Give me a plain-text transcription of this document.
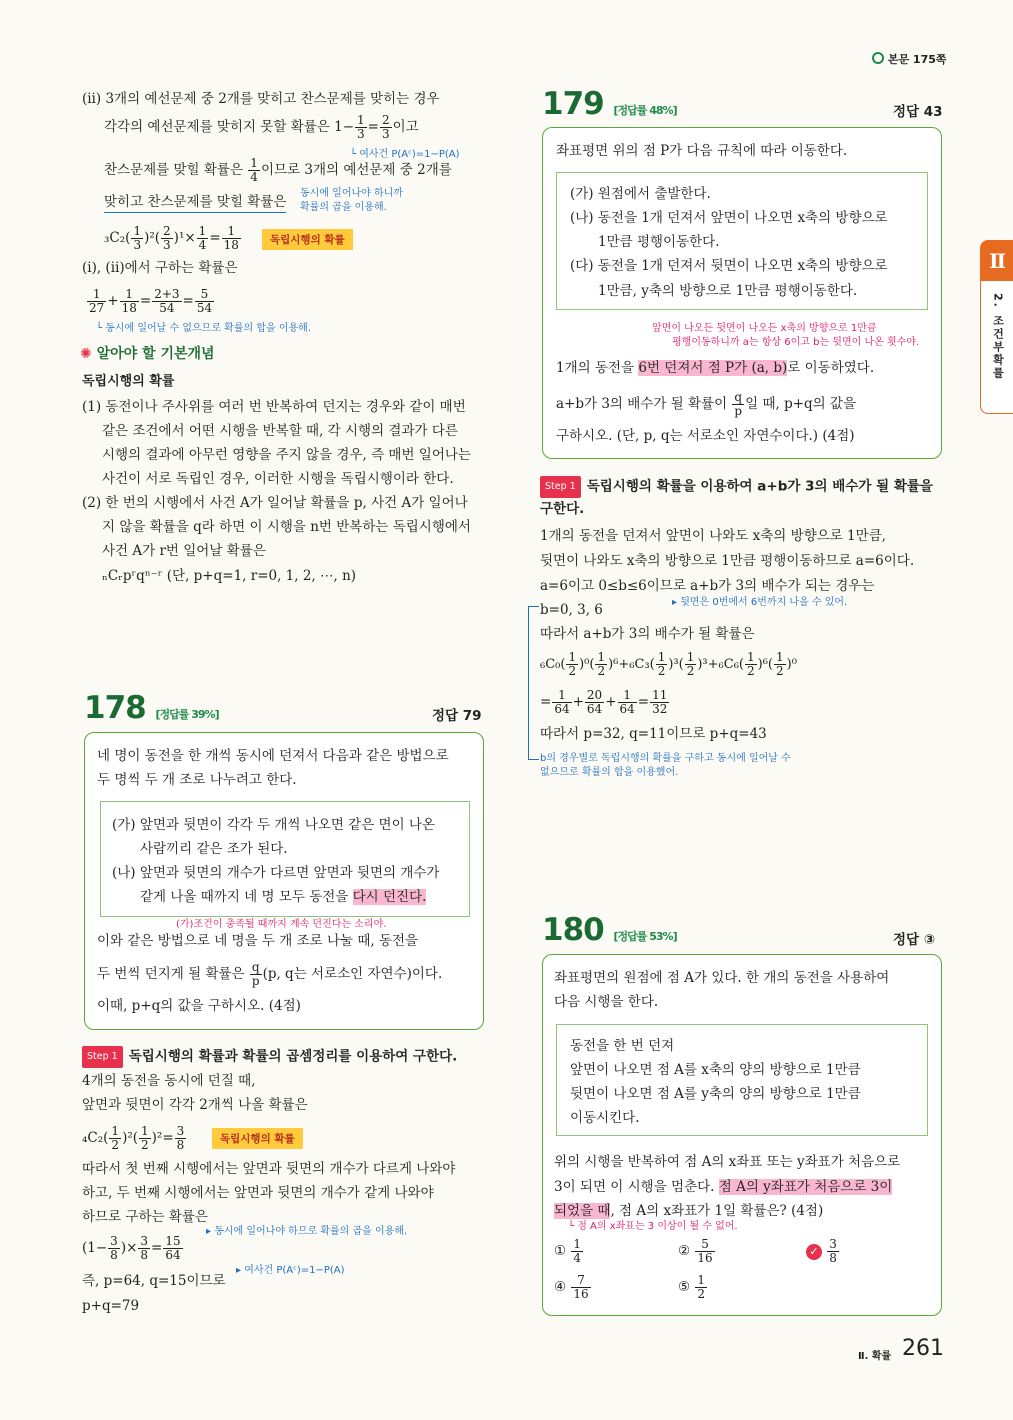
본문 175쪽
Ⅱ
2. 조건부확률
(ⅱ) 3개의 예선문제 중 2개를 맞히고 찬스문제를 맞히는 경우
각각의 예선문제를 맞히지 못할 확률은 $1- \frac{1}{3} = \frac{2}{3}$ 이고
└ 여사건 P(Aᶜ)=1−P(A)
찬스문제를 맞힐 확률은 $\frac{1}{4}$ 이므로 3개의 예선문제 중 2개를
맞히고 찬스문제를 맞힐 확률은
동시에 일어나야 하니까
확률의 곱을 이용해.
$_3C_2( \frac{1}{3} )^2( \frac{2}{3} )^1\times \frac{1}{4} = \frac{1}{18}$	독립시행의 확률
(ⅰ), (ⅱ)에서 구하는 확률은
$\frac{1}{27} + \frac{1}{18} = \frac{2+3}{54} = \frac{5}{54}$
└ 동시에 일어날 수 없으므로 확률의 합을 이용해.
✺ 알아야 할 기본개념
독립시행의 확률
(1) 동전이나 주사위를 여러 번 반복하여 던지는 경우와 같이 매번
같은 조건에서 어떤 시행을 반복할 때, 각 시행의 결과가 다른
시행의 결과에 아무런 영향을 주지 않을 경우, 즉 매번 일어나는
사건이 서로 독립인 경우, 이러한 시행을 독립시행이라 한다.
(2) 한 번의 시행에서 사건 A가 일어날 확률을 p, 사건 A가 일어나
지 않을 확률을 q라 하면 이 시행을 n번 반복하는 독립시행에서
사건 A가 r번 일어날 확률은
ₙCᵣpʳqⁿ⁻ʳ (단, p+q=1, r=0, 1, 2, ⋯, n)
178 [정답률 39%]	정답 79
네 명이 동전을 한 개씩 동시에 던져서 다음과 같은 방법으로
두 명씩 두 개 조로 나누려고 한다.
(가) 앞면과 뒷면이 각각 두 개씩 나오면 같은 면이 나온
사람끼리 같은 조가 된다.
(나) 앞면과 뒷면의 개수가 다르면 앞면과 뒷면의 개수가
같게 나올 때까지 네 명 모두 동전을 다시 던진다.
(가)조건이 충족될 때까지 계속 던진다는 소리야.
이와 같은 방법으로 네 명을 두 개 조로 나눌 때, 동전을
두 번씩 던지게 될 확률은 $\frac{q}{p} (p$, q는 서로소인 자연수)이다.
이때, p+q의 값을 구하시오. (4점)
Step 1 독립시행의 확률과 확률의 곱셈정리를 이용하여 구한다.
4개의 동전을 동시에 던질 때,
앞면과 뒷면이 각각 2개씩 나올 확률은
$_4C_2( \frac{1}{2} )^2( \frac{1}{2} )^2= \frac{3}{8}$	독립시행의 확률
따라서 첫 번째 시행에서는 앞면과 뒷면의 개수가 다르게 나와야
하고, 두 번째 시행에서는 앞면과 뒷면의 개수가 같게 나와야
하므로 구하는 확률은
▸ 동시에 일어나야 하므로 확률의 곱을 이용해.
($1- \frac{3}{8}$ )× $\frac{3}{8} = \frac{15}{64}$
▸ 여사건 P(Aᶜ)=1−P(A)
즉, p=64, q=15이므로
p+q=79
179 [정답률 48%]	정답 43
좌표평면 위의 점 P가 다음 규칙에 따라 이동한다.
(가) 원점에서 출발한다.
(나) 동전을 1개 던져서 앞면이 나오면 x축의 방향으로
1만큼 평행이동한다.
(다) 동전을 1개 던져서 뒷면이 나오면 x축의 방향으로
1만큼, y축의 방향으로 1만큼 평행이동한다.
앞면이 나오든 뒷면이 나오든 x축의 방향으로 1만큼
평행이동하니까 a는 항상 6이고 b는 뒷면이 나온 횟수야.
1개의 동전을 6번 던져서 점 P가 (a, b)로 이동하였다.
a+b가 3의 배수가 될 확률이 $\frac{q}{p}$ 일 때, p+q의 값을
구하시오. (단, p, q는 서로소인 자연수이다.) (4점)
Step 1 독립시행의 확률을 이용하여 a+b가 3의 배수가 될 확률을
구한다.
1개의 동전을 던져서 앞면이 나와도 x축의 방향으로 1만큼,
뒷면이 나와도 x축의 방향으로 1만큼 평행이동하므로 a=6이다.
a=6이고 0≤b≤6이므로 a+b가 3의 배수가 되는 경우는
▸ 뒷면은 0번에서 6번까지 나올 수 있어.
b=0, 3, 6
따라서 a+b가 3의 배수가 될 확률은
$_6C_0( \frac{1}{2} )^0( \frac{1}{2} )^6+_6C_3( \frac{1}{2} )^3( \frac{1}{2} )^3+_6C_6( \frac{1}{2} )^6( \frac{1}{2} )^0$
= $\frac{1}{64} + \frac{20}{64} + \frac{1}{64} = \frac{11}{32}$
따라서 p=32, q=11이므로 p+q=43
b의 경우별로 독립시행의 확률을 구하고 동시에 일어날 수
없으므로 확률의 합을 이용했어.
180 [정답률 53%]	정답 ③
좌표평면의 원점에 점 A가 있다. 한 개의 동전을 사용하여
다음 시행을 한다.
동전을 한 번 던져
앞면이 나오면 점 A를 x축의 양의 방향으로 1만큼
뒷면이 나오면 점 A를 y축의 양의 방향으로 1만큼
이동시킨다.
위의 시행을 반복하여 점 A의 x좌표 또는 y좌표가 처음으로
3이 되면 이 시행을 멈춘다. 점 A의 y좌표가 처음으로 3이
되었을 때, 점 A의 x좌표가 1일 확률은? (4점)
└ 점 A의 x좌표는 3 이상이 될 수 없어.
① $\frac{1}{4}$	② $\frac{5}{16}$	✓ $\frac{3}{8}$
④ $\frac{7}{16}$	⑤ $\frac{1}{2}$
Ⅱ. 확률 261
